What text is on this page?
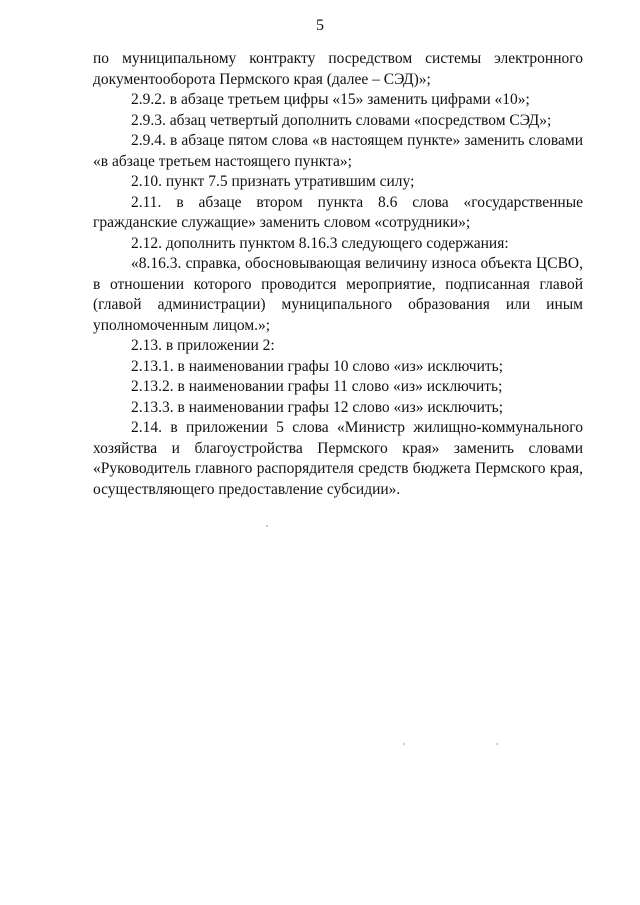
5

по муниципальному контракту посредством системы электронного документооборота Пермского края (далее – СЭД)»;

2.9.2. в абзаце третьем цифры «15» заменить цифрами «10»;

2.9.3. абзац четвертый дополнить словами «посредством СЭД»;

2.9.4. в абзаце пятом слова «в настоящем пункте» заменить словами «в абзаце третьем настоящего пункта»;

2.10. пункт 7.5 признать утратившим силу;

2.11. в абзаце втором пункта 8.6 слова «государственные гражданские служащие» заменить словом «сотрудники»;

2.12. дополнить пунктом 8.16.3 следующего содержания:

«8.16.3. справка, обосновывающая величину износа объекта ЦСВО, в отношении которого проводится мероприятие, подписанная главой (главой администрации) муниципального образования или иным уполномоченным лицом.»;

2.13. в приложении 2:

2.13.1. в наименовании графы 10 слово «из» исключить;

2.13.2. в наименовании графы 11 слово «из» исключить;

2.13.3. в наименовании графы 12 слово «из» исключить;

2.14. в приложении 5 слова «Министр жилищно-коммунального хозяйства и благоустройства Пермского края» заменить словами «Руководитель главного распорядителя средств бюджета Пермского края, осуществляющего предоставление субсидии».
